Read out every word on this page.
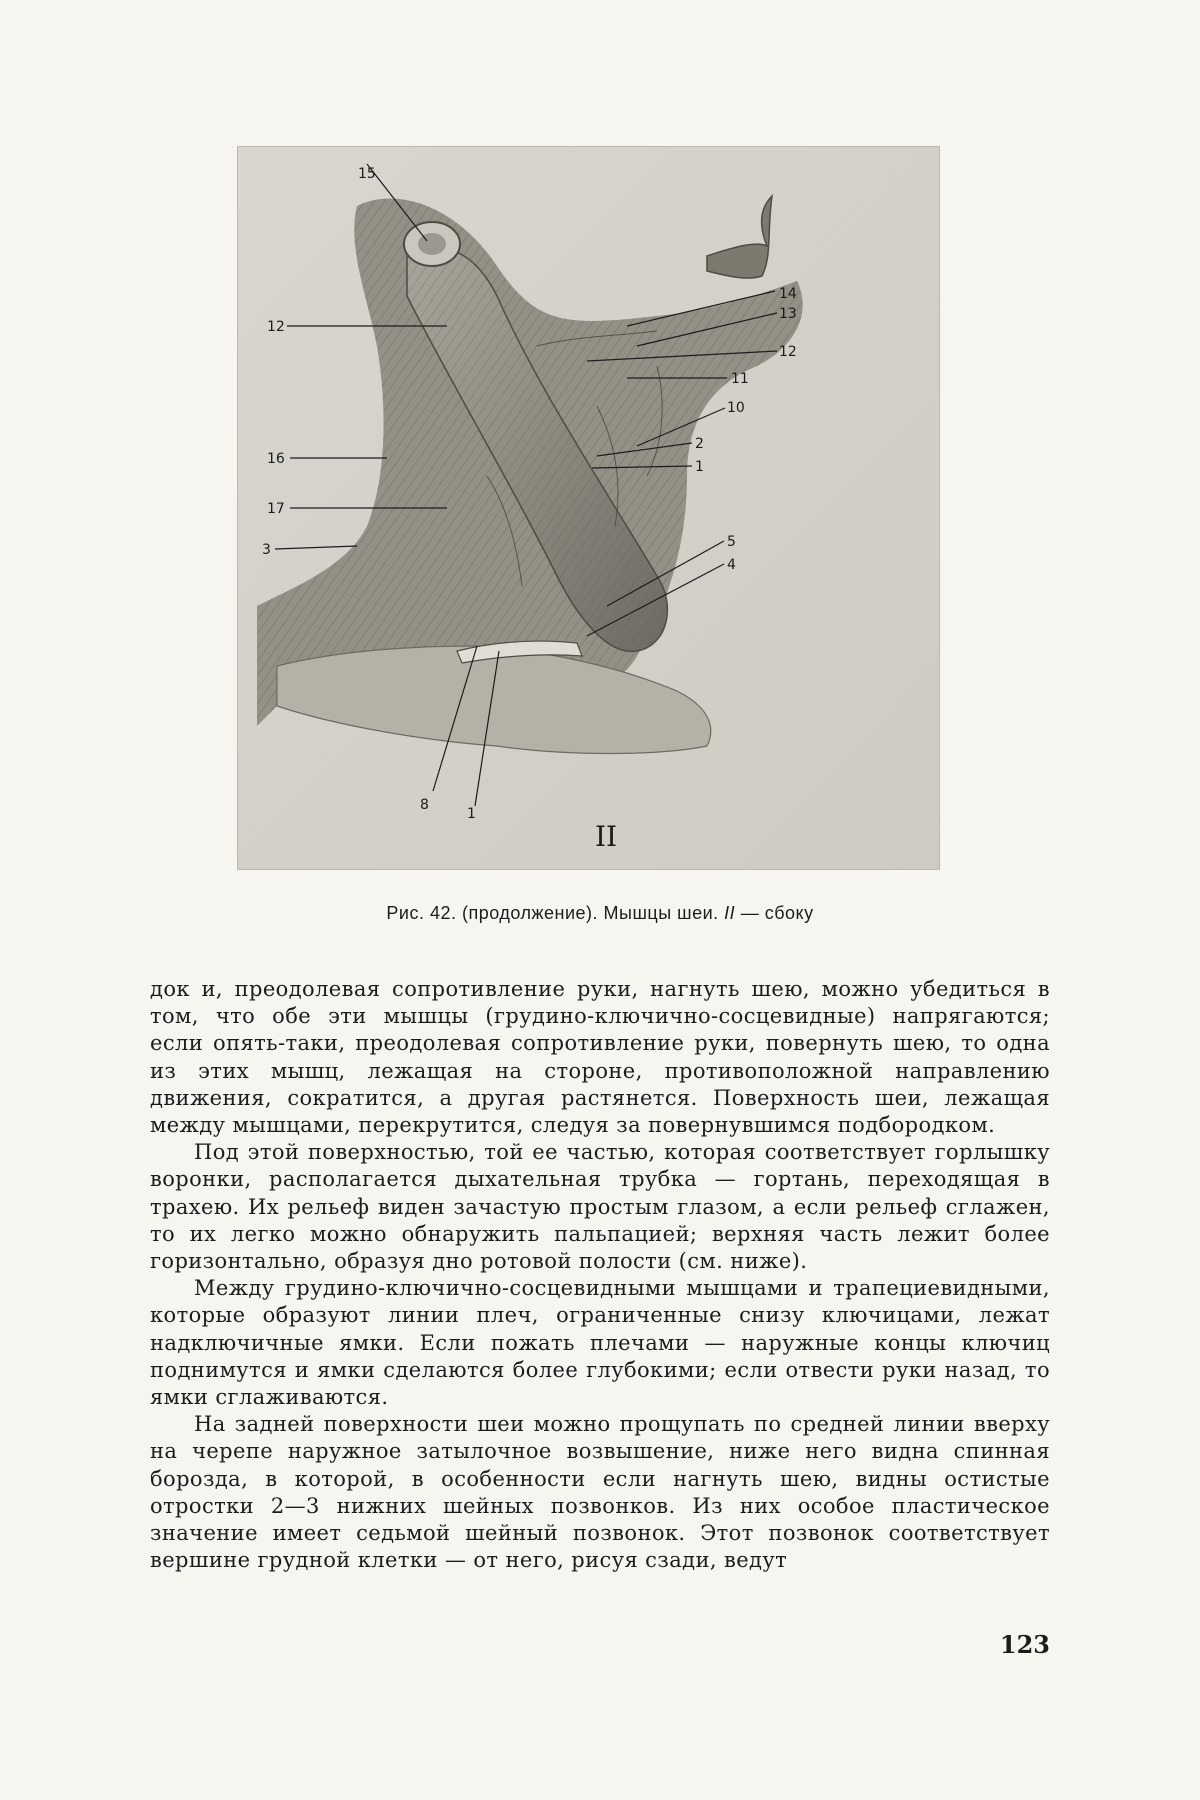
15
14
13
12
12
11
10
2
1
16
17
3	5
4
8
1
II
Рис. 42. (продолжение). Мышцы шеи. II — сбоку

док и, преодолевая сопротивление руки, нагнуть шею, можно убедиться в том, что обе эти мышцы (грудино-ключично-сосцевидные) напрягаются; если опять-таки, преодолевая сопротивление руки, повернуть шею, то одна из этих мышц, лежащая на стороне, противоположной направлению движения, сократится, а другая растянется. Поверхность шеи, лежащая между мышцами, перекрутится, следуя за повернувшимся подбородком.

Под этой поверхностью, той ее частью, которая соответствует горлышку воронки, располагается дыхательная трубка — гортань, переходящая в трахею. Их рельеф виден зачастую простым глазом, а если рельеф сглажен, то их легко можно обнаружить пальпацией; верхняя часть лежит более горизонтально, образуя дно ротовой полости (см. ниже).

Между грудино-ключично-сосцевидными мышцами и трапециевидными, которые образуют линии плеч, ограниченные снизу ключицами, лежат надключичные ямки. Если пожать плечами — наружные концы ключиц поднимутся и ямки сделаются более глубокими; если отвести руки назад, то ямки сглаживаются.

На задней поверхности шеи можно прощупать по средней линии вверху на черепе наружное затылочное возвышение, ниже него видна спинная борозда, в которой, в особенности если нагнуть шею, видны остистые отростки 2—3 нижних шейных позвонков. Из них особое пластическое значение имеет седьмой шейный позвонок. Этот позвонок соответствует вершине грудной клетки — от него, рисуя сзади, ведут

123
